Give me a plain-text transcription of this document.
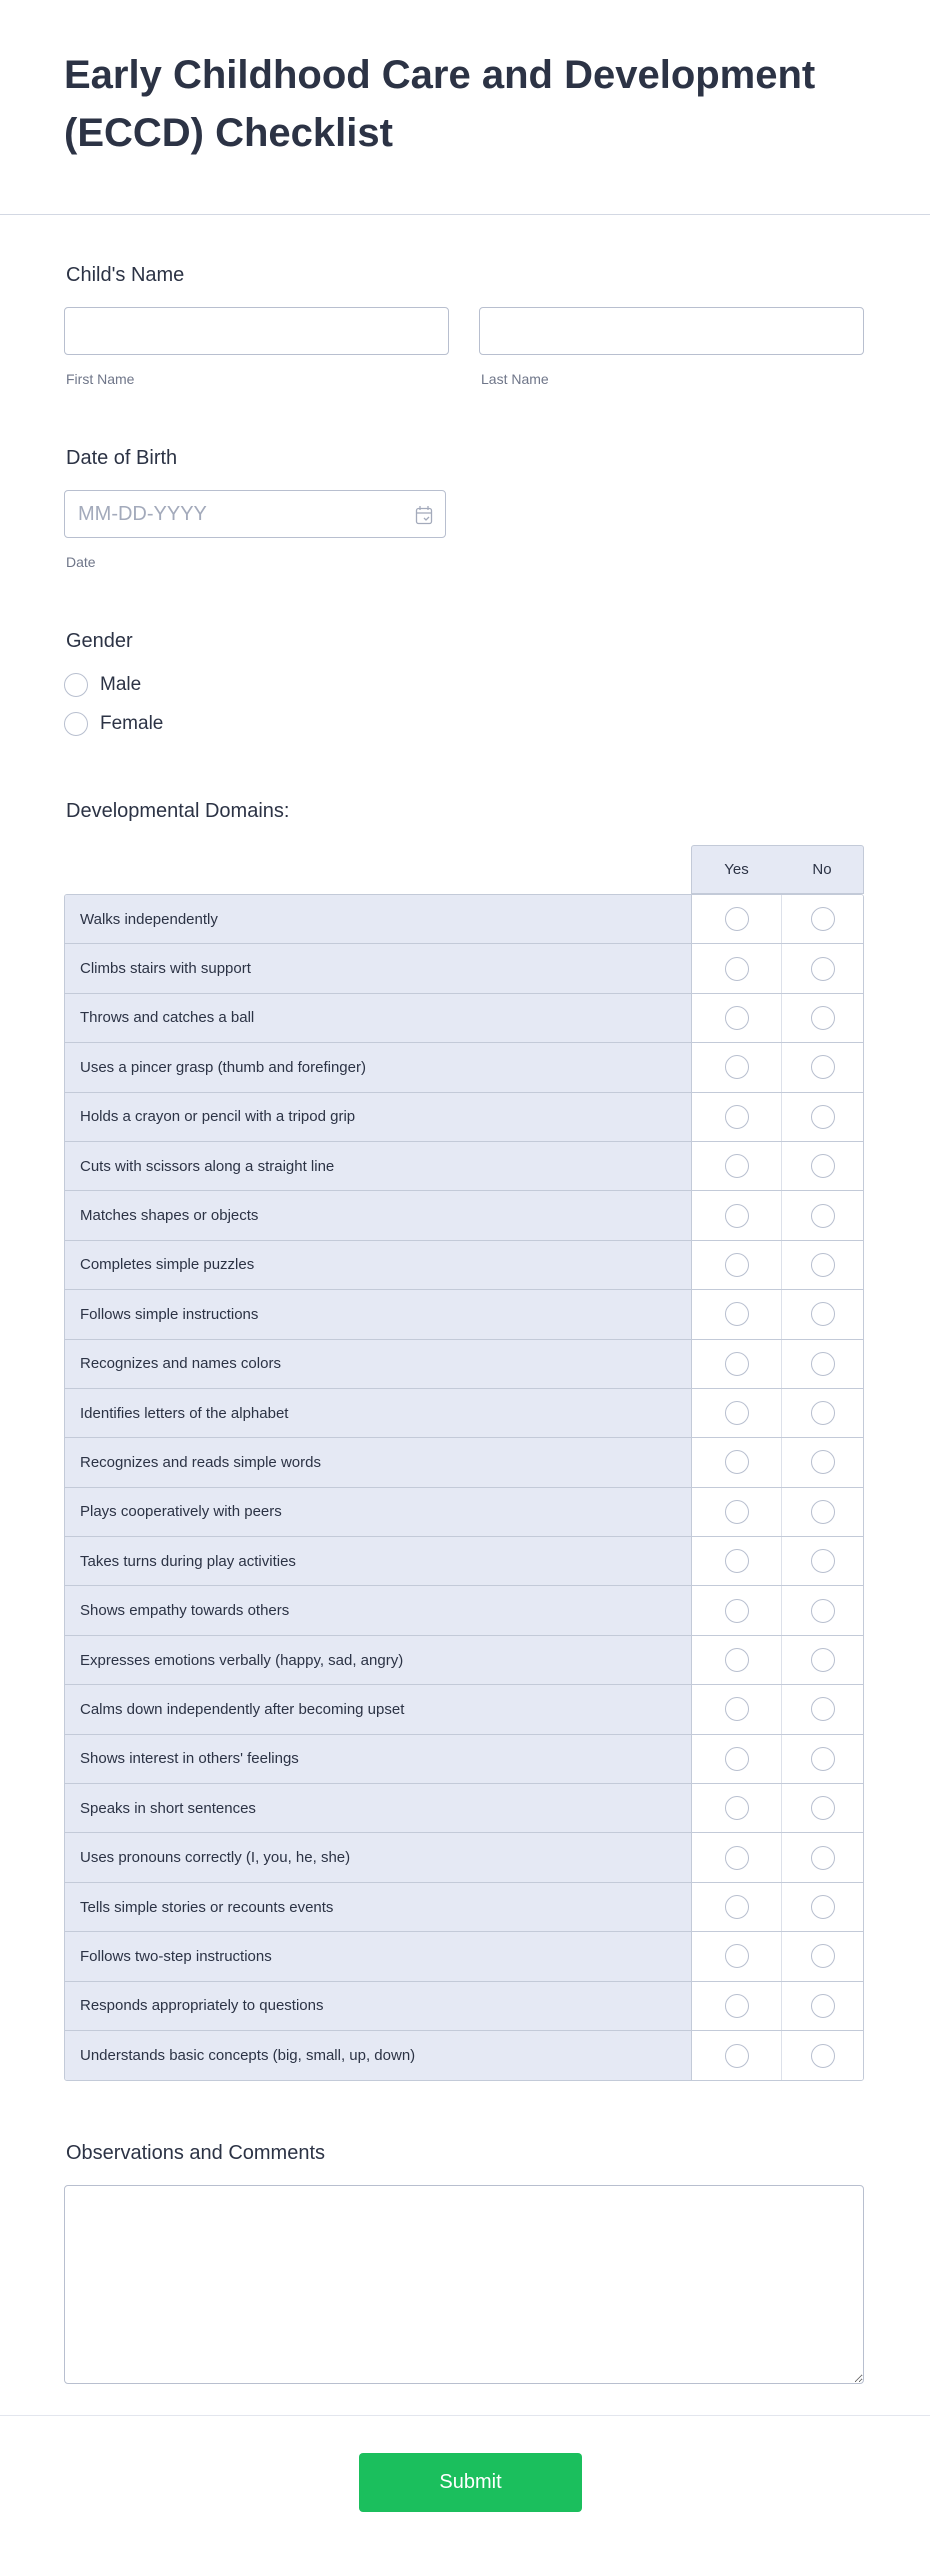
Early Childhood Care and Development (ECCD) Checklist
Child's Name
First Name	Last Name
Date of Birth
MM-DD-YYYY
Date
Gender
Male
Female
Developmental Domains:
Yes	No
Walks independently
Climbs stairs with support
Throws and catches a ball
Uses a pincer grasp (thumb and forefinger)
Holds a crayon or pencil with a tripod grip
Cuts with scissors along a straight line
Matches shapes or objects
Completes simple puzzles
Follows simple instructions
Recognizes and names colors
Identifies letters of the alphabet
Recognizes and reads simple words
Plays cooperatively with peers
Takes turns during play activities
Shows empathy towards others
Expresses emotions verbally (happy, sad, angry)
Calms down independently after becoming upset
Shows interest in others' feelings
Speaks in short sentences
Uses pronouns correctly (I, you, he, she)
Tells simple stories or recounts events
Follows two-step instructions
Responds appropriately to questions
Understands basic concepts (big, small, up, down)
Observations and Comments
Submit
